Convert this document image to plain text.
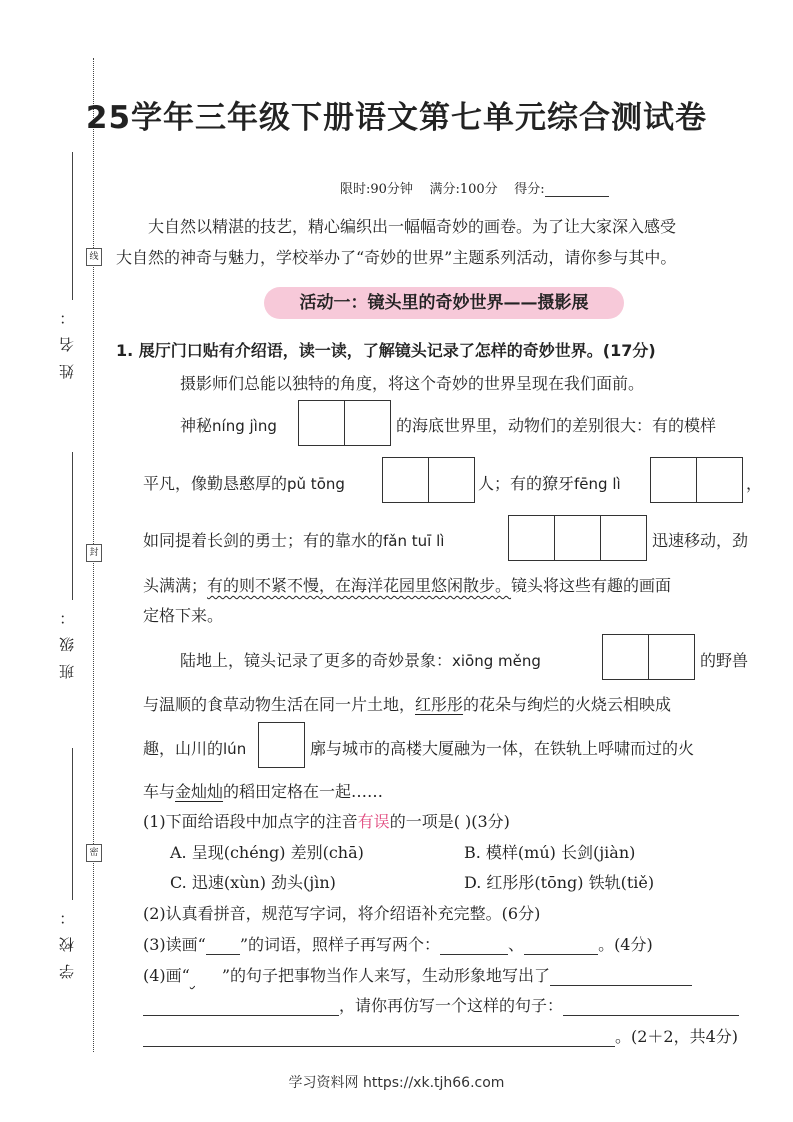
线
封
密
姓名：
班级：
学校：
25学年三年级下册语文第七单元综合测试卷
限时:90分钟 满分:100分 得分:
大自然以精湛的技艺，精心编织出一幅幅奇妙的画卷。为了让大家深入感受
大自然的神奇与魅力，学校举办了“奇妙的世界”主题系列活动，请你参与其中。
活动一：镜头里的奇妙世界——摄影展
1. 展厅门口贴有介绍语，读一读，了解镜头记录了怎样的奇妙世界。(17分)
摄影师们总能以独特的角度，将这个奇妙的世界呈现在我们面前。
神秘níng jìng	的海底世界里，动物们的差别很大：有的模样
平凡，像勤恳憨厚的pǔ tōng	人；有的獠牙fēng lì	，
如同提着长剑的勇士；有的靠水的fǎn tuī lì	迅速移动，劲
头满满；有的则不紧不慢，在海洋花园里悠闲散步。镜头将这些有趣的画面
定格下来。
陆地上，镜头记录了更多的奇妙景象：xiōng měng	的野兽
与温顺的食草动物生活在同一片土地，红彤彤的花朵与绚烂的火烧云相映成
趣，山川的lún	廓与城市的高楼大厦融为一体，在铁轨上呼啸而过的火
车与金灿灿的稻田定格在一起……
(1)下面给语段中加点字的注音有误的一项是( )(3分)
A. 呈现(chéng) 差别(chā)	B. 模样(mú) 长剑(jiàn)
C. 迅速(xùn) 劲头(jìn)	D. 红彤彤(tōng) 铁轨(tiě)
(2)认真看拼音，规范写字词，将介绍语补充完整。(6分)
(3)读画“ ”的词语，照样子再写两个：	、	。(4分)
(4)画“ ”的句子把事物当作人来写，生动形象地写出了
，请你再仿写一个这样的句子：
。(2＋2，共4分)
学习资料网 https://xk.tjh66.com
